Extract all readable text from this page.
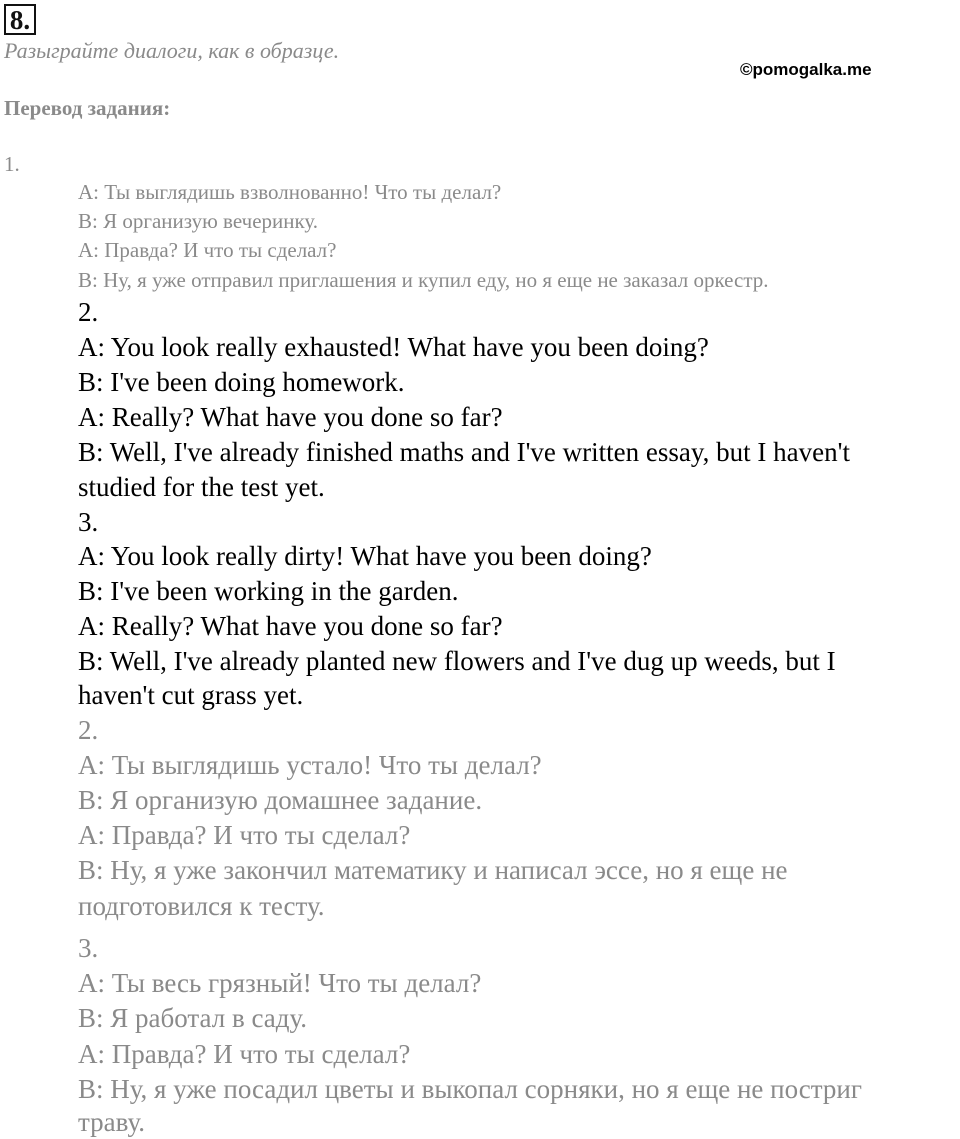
8.
Разыграйте диалоги, как в образце.
©pomogalka.me
Перевод задания:
1.
A: Ты выглядишь взволнованно! Что ты делал?
B: Я организую вечеринку.
A: Правда? И что ты сделал?
B: Ну, я уже отправил приглашения и купил еду, но я еще не заказал оркестр.
2.
A: You look really exhausted! What have you been doing?
B: I've been doing homework.
A: Really? What have you done so far?
B: Well, I've already finished maths and I've written essay, but I haven't
studied for the test yet.
3.
A: You look really dirty! What have you been doing?
B: I've been working in the garden.
A: Really? What have you done so far?
B: Well, I've already planted new flowers and I've dug up weeds, but I
haven't cut grass yet.
2.
A: Ты выглядишь устало! Что ты делал?
B: Я организую домашнее задание.
A: Правда? И что ты сделал?
B: Ну, я уже закончил математику и написал эссе, но я еще не
подготовился к тесту.
3.
A: Ты весь грязный! Что ты делал?
B: Я работал в саду.
A: Правда? И что ты сделал?
B: Ну, я уже посадил цветы и выкопал сорняки, но я еще не постриг
траву.
